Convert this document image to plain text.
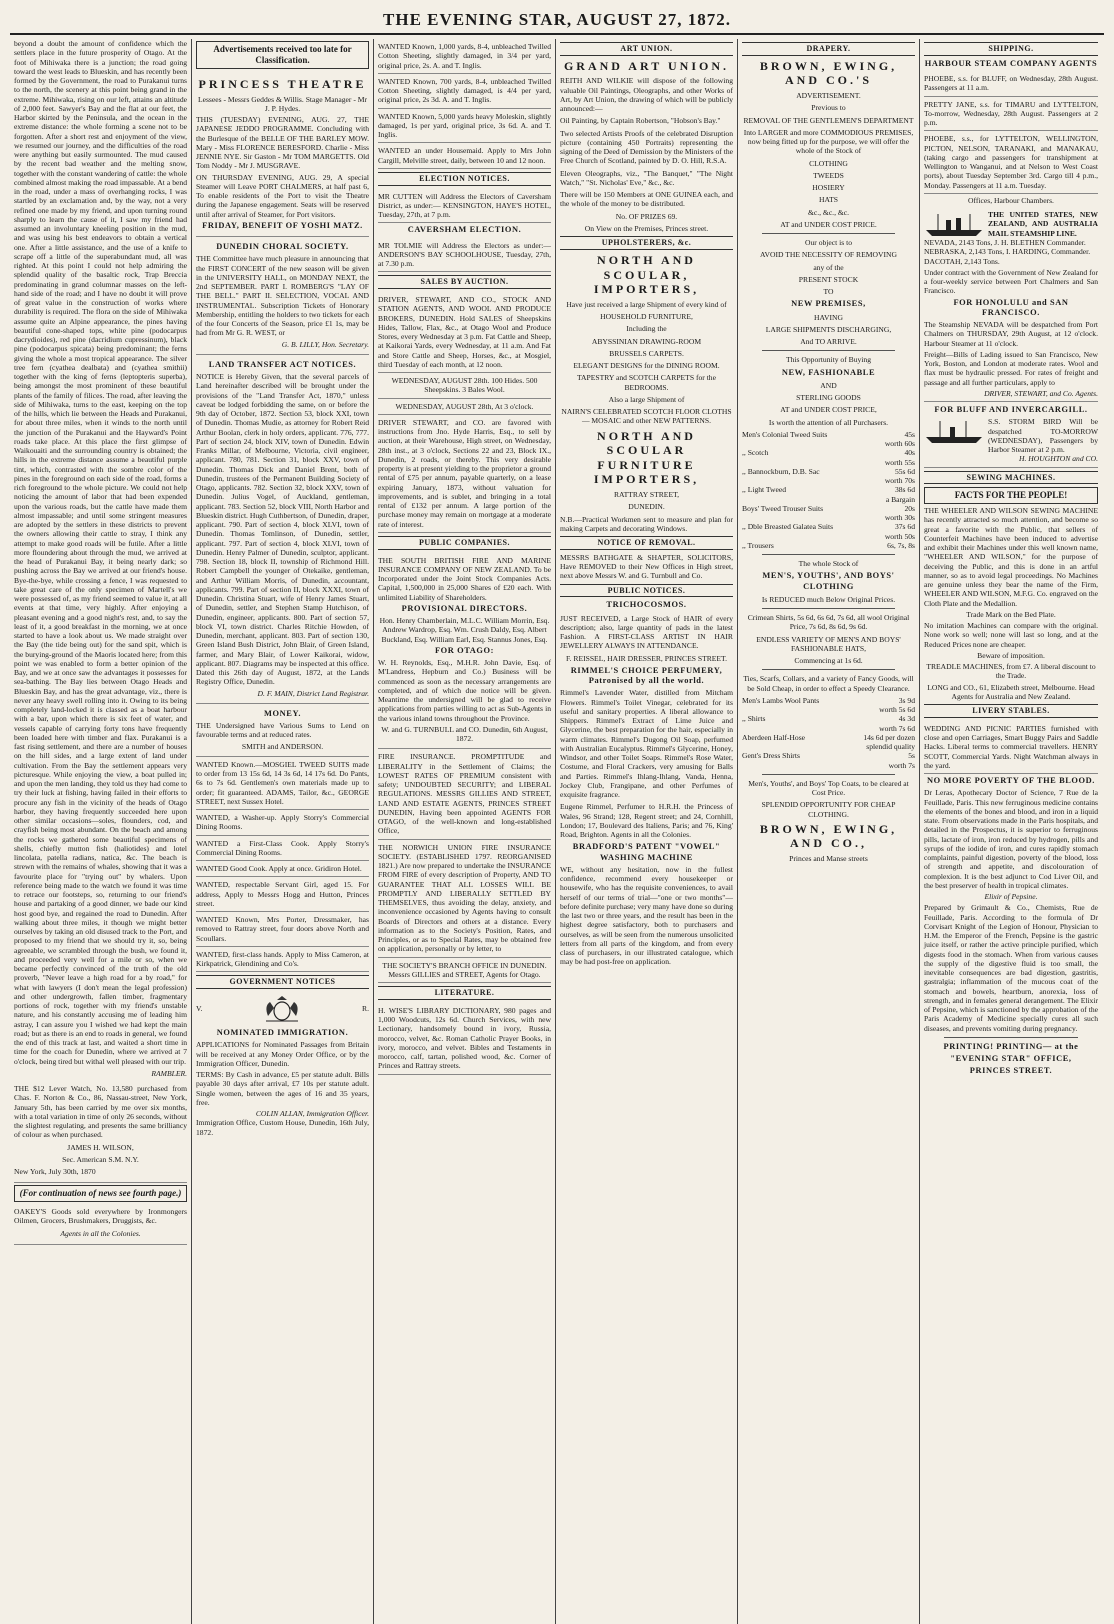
THE EVENING STAR, AUGUST 27, 1872.

beyond a doubt the amount of confidence which the settlers place in the future prosperity of Otago. At the foot of Mihiwaka there is a junction; the road going toward the west leads to Blueskin, and has recently been formed by the Government, the road to Purakanui turns to the north, the scenery at this point being grand in the extreme. Mihiwaka, rising on our left, attains an altitude of 2,000 feet. Sawyer's Bay and the flat at our feet, the Harbor skirted by the Peninsula, and the ocean in the extreme distance: the whole forming a scene not to be forgotten. After a short rest and enjoyment of the view, we resumed our journey, and the difficulties of the road were anything but easily surmounted. The mud caused by the recent bad weather and the melting snow, together with the constant wandering of cattle: the whole combined almost making the road impassable. At a bend in the road, under a mass of overhanging rocks, I was startled by an exclamation and, by the way, not a very refined one made by my friend, and upon turning round sharply to learn the cause of it, I saw my friend had assumed an involuntary kneeling position in the mud, and was using his best endeavors to obtain a vertical one. After a little assistance, and the use of a knife to scrape off a little of the superabundant mud, all was righted. At this point I could not help admiring the splendid quality of the basaltic rock, Trap Breccia predominating in grand columnar masses on the left-hand side of the road; and I have no doubt it will prove of great value in the construction of works where durability is required. The flora on the side of Mihiwaka assume quite an Alpine appearance, the pines having beautiful cone-shaped tops, white pine (podocarpus dacrydioides), red pine (dacridium cupressinum), black pine (podocarpus spicata) being predominant; the ferns giving the whole a most tropical appearance. The silver tree fern (cyathea dealbata) and (cyathea smithii) together with the king of ferns (leptopteris superba), being amongst the most prominent of these beautiful plants of the family of filices. The road, after leaving the side of Mihiwaka, turns to the east, keeping on the top of the hills, which lie between the Heads and Purakanui, for about three miles, when it winds to the north until the junction of the Purakanui and the Hayward's Point roads take place. At this place the first glimpse of Waikouaiti and the surrounding country is obtained; the hills in the extreme distance assume a beautiful purple tint, which, contrasted with the sombre color of the pines in the foreground on each side of the road, forms a rich foreground to the whole picture. We could not help noticing the amount of labor that had been expended upon the various roads, but the cattle have made them almost impassable; and until some stringent measures are adopted by the settlers in these districts to prevent the owners allowing their cattle to stray, I think any attempt to make good roads will be futile. After a little more floundering about through the mud, we arrived at the head of Purakanui Bay, it being nearly dark; so pushing across the Bay we arrived at our friend's house. Bye-the-bye, while crossing a fence, I was requested to take great care of the only specimen of Martell's we were possessed of, as my friend seemed to value it, at all events at that time, very highly. After enjoying a pleasant evening and a good night's rest, and, to say the least of it, a good breakfast in the morning, we at once started to have a look about us. We made straight over the Bay (the tide being out) for the sand spit, which is the burying-ground of the Maoris located here; from this point we was enabled to form a better opinion of the Bay, and we at once saw the advantages it possesses for sea-bathing. The Bay lies between Otago Heads and Blueskin Bay, and has the great advantage, viz., there is never any heavy swell rolling into it. Owing to its being completely land-locked it is classed as a boat harbour with a bar, upon which there is six feet of water, and vessels capable of carrying forty tons have frequently been loaded here with timber and flax. Purakanui is a fast rising settlement, and there are a number of houses on the hill sides, and a large extent of land under cultivation. From the Bay the settlement appears very picturesque. While enjoying the view, a boat pulled in; and upon the men landing, they told us they had come to try their luck at fishing, having failed in their efforts to procure any fish in the vicinity of the heads of Otago harbor, they having frequently succeeded here upon other similar occasions—soles, flounders, cod, and crayfish being most abundant. On the beach and among the rocks we gathered some beautiful specimens of shells, chiefly mutton fish (haliotides) and lotel lincolata, patella radians, natica, &c. The beach is strewn with the remains of whales, showing that it was a favourite place for "trying out" by whalers. Upon reference being made to the watch we found it was time to retrace our footsteps, so, returning to our friend's house and partaking of a good dinner, we bade our kind host good bye, and regained the road to Dunedin. After walking about three miles, it though we might better ourselves by taking an old disused track to the Port, and proposed to my friend that we should try it, so, being agreeable, we scrambled through the bush, we found it, and proceeded very well for a mile or so, when we became perfectly convinced of the truth of the old proverb, "Never leave a high road for a by road," for what with lawyers (I don't mean the legal profession) and other undergrowth, fallen timber, fragmentary portions of rock, together with my friend's unstable nature, and his constantly accusing me of leading him astray, I can assure you I wished we had kept the main road; but as there is an end to roads in general, we found the end of this track at last, and waited a short time in time for the coach for Dunedin, where we arrived at 7 o'clock, being tired but withal well pleased with our trip.

RAMBLER.

THE $12 Lever Watch, No. 13,580 purchased from Chas. F. Norton & Co., 86, Nassau-street, New York, January 5th, has been carried by me over six months, with a total variation in time of only 26 seconds, without the slightest regulating, and presents the same brilliancy of colour as when purchased.

JAMES H. WILSON,

Sec. American S.M. N.Y.

New York, July 30th, 1870

(For continuation of news see fourth page.)

OAKEY'S Goods sold everywhere by Ironmongers Oilmen, Grocers, Brushmakers, Druggists, &c.

Agents in all the Colonies.

Advertisements received too late for Classification.
PRINCESS THEATRE

Lessees - Messrs Geddes & Willis. Stage Manager - Mr J. P. Hydes.

THIS (TUESDAY) EVENING, AUG. 27, THE JAPANESE JEDDO PROGRAMME. Concluding with the Burlesque of the BELLE OF THE BARLEY MOW. Mary - Miss FLORENCE BERESFORD. Charlie - Miss JENNIE NYE. Sir Gaston - Mr TOM MARGETTS. Old Tom Noddy - Mr J. MUSGRAVE.

ON THURSDAY EVENING, AUG. 29, A special Steamer will Leave PORT CHALMERS, at half past 6, To enable residents of the Port to visit the Theatre during the Japanese engagement. Seats will be reserved until after arrival of Steamer, for Port visitors.

FRIDAY, BENEFIT OF YOSHI MATZ.

DUNEDIN CHORAL SOCIETY.

THE Committee have much pleasure in announcing that the FIRST CONCERT of the new season will be given in the UNIVERSITY HALL, on MONDAY NEXT, the 2nd SEPTEMBER. PART I. ROMBERG'S "LAY OF THE BELL." PART II. SELECTION, VOCAL AND INSTRUMENTAL. Subscription Tickets of Honorary Membership, entitling the holders to two tickets for each of the four Concerts of the Season, price £1 1s, may be had from Mr G. R. WEST, or

G. B. LILLY, Hon. Secretary.

LAND TRANSFER ACT NOTICES.

NOTICE is Hereby Given, that the several parcels of Land hereinafter described will be brought under the provisions of the "Land Transfer Act, 1870," unless caveat be lodged forbidding the same, on or before the 9th day of October, 1872. Section 53, block XXI, town of Dunedin. Thomas Mudie, as attorney for Robert Reid Arthur Boolan, clerk in holy orders, applicant. 776, 777. Part of section 24, block XIV, town of Dunedin. Edwin Franks Millar, of Melbourne, Victoria, civil engineer, applicant. 780, 781. Section 31, block XXV, town of Dunedin. Thomas Dick and Daniel Brent, both of Dunedin, trustees of the Permanent Building Society of Otago, applicants. 782. Section 32, block XXV, town of Dunedin. Julius Vogel, of Auckland, gentleman, applicant. 783. Section 52, block VIII, North Harbor and Blueskin district. Hugh Cuthbertson, of Dunedin, draper, applicant. 790. Part of section 4, block XLVI, town of Dunedin. Thomas Tomlinson, of Dunedin, settler, applicant. 797. Part of section 4, block XLVI, town of Dunedin. Henry Palmer of Dunedin, sculptor, applicant. 798. Section 18, block II, township of Richmond Hill. Robert Campbell the younger of Otekaike, gentleman, and Arthur William Morris, of Dunedin, accountant, applicants. 799. Part of section II, block XXXI, town of Dunedin. Christina Stuart, wife of Henry James Stuart, of Dunedin, settler, and Stephen Stamp Hutchison, of Dunedin, engineer, applicants. 800. Part of section 57, block VI, town district. Charles Ritchie Howden, of Dunedin, merchant, applicant. 803. Part of section 130, Green Island Bush District, John Blair, of Green Island, farmer, and Mary Blair, of Lower Kaikorai, widow, applicant. 807. Diagrams may be inspected at this office. Dated this 26th day of August, 1872, at the Lands Registry Office, Dunedin.

D. F. MAIN, District Land Registrar.

MONEY.

THE Undersigned have Various Sums to Lend on favourable terms and at reduced rates.

SMITH and ANDERSON.

WANTED Known.—MOSGIEL TWEED SUITS made to order from 13 15s 6d, 14 3s 6d, 14 17s 6d. Do Pants, 6s to 7s 6d. Gentlemen's own materials made up to order; fit guaranteed. ADAMS, Tailor, &c., GEORGE STREET, next Sussex Hotel.
WANTED, a Washer-up. Apply Storry's Commercial Dining Rooms.
WANTED a First-Class Cook. Apply Storry's Commercial Dining Rooms.
WANTED Good Cook. Apply at once. Gridiron Hotel.
WANTED, respectable Servant Girl, aged 15. For address, Apply to Messrs Hogg and Hutton, Princes street.
WANTED Known, Mrs Porter, Dressmaker, has removed to Rattray street, four doors above North and Scoullars.
WANTED, first-class hands. Apply to Miss Cameron, at Kirkpatrick, Glendining and Co's.
GOVERNMENT NOTICES
V.	R.
NOMINATED IMMIGRATION.

APPLICATIONS for Nominated Passages from Britain will be received at any Money Order Office, or by the Immigration Officer, Dunedin.

TERMS: By Cash in advance, £5 per statute adult. Bills payable 30 days after arrival, £7 10s per statute adult. Single women, between the ages of 16 and 35 years, free.

COLIN ALLAN, Immigration Officer.

Immigration Office, Custom House, Dunedin, 16th July, 1872.

WANTED Known, 1,000 yards, 8-4, unbleached Twilled Cotton Sheeting, slightly damaged, in 3/4 per yard, original price, 2s. A. and T. Inglis.
WANTED Known, 700 yards, 8-4, unbleached Twilled Cotton Sheeting, slightly damaged, is 4/4 per yard, original price, 2s 3d. A. and T. Inglis.
WANTED Known, 5,000 yards heavy Moleskin, slightly damaged, 1s per yard, original price, 3s 6d. A. and T. Inglis.
WANTED an under Housemaid. Apply to Mrs John Cargill, Melville street, daily, between 10 and 12 noon.
ELECTION NOTICES.
MR CUTTEN will Address the Electors of Caversham District, as under:— KENSINGTON, HAYE'S HOTEL, Tuesday, 27th, at 7 p.m.
CAVERSHAM ELECTION.
MR TOLMIE will Address the Electors as under:— ANDERSON'S BAY SCHOOLHOUSE, Tuesday, 27th, at 7.30 p.m.
SALES BY AUCTION.
DRIVER, STEWART, AND CO., STOCK AND STATION AGENTS, AND WOOL AND PRODUCE BROKERS, DUNEDIN. Hold SALES of Sheepskins Hides, Tallow, Flax, &c., at Otago Wool and Produce Stores, every Wednesday at 3 p.m. Fat Cattle and Sheep, at Kaikorai Yards, every Wednesday, at 11 a.m. And Fat and Store Cattle and Sheep, Horses, &c., at Mosgiel, third Tuesday of each month, at 12 noon.
WEDNESDAY, AUGUST 28th. 100 Hides. 500 Sheepskins. 3 Bales Wool.
WEDNESDAY, AUGUST 28th, At 3 o'clock.
DRIVER STEWART, and CO. are favored with instructions from Jno. Hyde Harris, Esq., to sell by auction, at their Warehouse, High street, on Wednesday, 28th inst., at 3 o'clock, Sections 22 and 23, Block IX., Dunedin, 2 roads, or thereby. This very desirable property is at present yielding to the proprietor a ground rental of £75 per annum, payable quarterly, on a lease expiring January, 1873, without valuation for improvements, and is sublet, and bringing in a total rental of £132 per annum. A large portion of the purchase money may remain on mortgage at a moderate rate of interest.
PUBLIC COMPANIES.

THE SOUTH BRITISH FIRE AND MARINE INSURANCE COMPANY OF NEW ZEALAND. To be Incorporated under the Joint Stock Companies Acts. Capital, 1,500,000 in 25,000 Shares of £20 each. With unlimited Liability of Shareholders.

PROVISIONAL DIRECTORS.

Hon. Henry Chamberlain, M.L.C. William Morrin, Esq. Andrew Wardrop, Esq. Wm. Crush Daldy, Esq. Albert Buckland, Esq. William Earl, Esq. Stannus Jones, Esq.

FOR OTAGO:

W. H. Reynolds, Esq., M.H.R. John Davie, Esq. of M'Landress, Hepburn and Co.) Business will be commenced as soon as the necessary arrangements are completed, and of which due notice will be given. Meantime the undersigned will be glad to receive applications from parties willing to act as Sub-Agents in the various inland towns throughout the Province.

W. and G. TURNBULL and CO. Dunedin, 6th August, 1872.

FIRE INSURANCE. PROMPTITUDE and LIBERALITY in the Settlement of Claims; the LOWEST RATES OF PREMIUM consistent with safety; UNDOUBTED SECURITY; and LIBERAL REGULATIONS. MESSRS GILLIES AND STREET, LAND AND ESTATE AGENTS, PRINCES STREET DUNEDIN, Having been appointed AGENTS FOR OTAGO, of the well-known and long-established Office,
THE NORWICH UNION FIRE INSURANCE SOCIETY. (ESTABLISHED 1797. REORGANISED 1821.) Are now prepared to undertake the INSURANCE FROM FIRE of every description of Property, AND TO GUARANTEE THAT ALL LOSSES WILL BE PROMPTLY AND LIBERALLY SETTLED BY THEMSELVES, thus avoiding the delay, anxiety, and inconvenience occasioned by Agents having to consult Boards of Directors and others at a distance. Every information as to the Society's Position, Rates, and Principles, or as to Special Rates, may be obtained free on application, personally or by letter, to
THE SOCIETY'S BRANCH OFFICE IN DUNEDIN. Messrs GILLIES and STREET, Agents for Otago.
LITERATURE.
H. WISE'S LIBRARY DICTIONARY, 980 pages and 1,000 Woodcuts, 12s 6d. Church Services, with new Lectionary, handsomely bound in ivory, Russia, morocco, velvet, &c. Roman Catholic Prayer Books, in ivory, morocco, and velvet. Bibles and Testaments in morocco, calf, tartan, polished wood, &c. Corner of Princes and Rattray streets.
ART UNION.
GRAND ART UNION.

REITH AND WILKIE will dispose of the following valuable Oil Paintings, Oleographs, and other Works of Art, by Art Union, the drawing of which will be publicly announced:—

Oil Painting, by Captain Robertson, "Hobson's Bay."

Two selected Artists Proofs of the celebrated Disruption picture (containing 450 Portraits) representing the signing of the Deed of Demission by the Ministers of the Free Church of Scotland, painted by D. O. Hill, R.S.A.

Eleven Oleographs, viz., "The Banquet," "The Night Watch," "St. Nicholas' Eve," &c., &c.

There will be 150 Members at ONE GUINEA each, and the whole of the money to be distributed.

No. OF PRIZES 69.

On View on the Premises, Princes street.

UPHOLSTERERS, &c.
NORTH AND SCOULAR, IMPORTERS,

Have just received a large Shipment of every kind of

HOUSEHOLD FURNITURE,

Including the

ABYSSINIAN DRAWING-ROOM

BRUSSELS CARPETS.

ELEGANT DESIGNS for the DINING ROOM.

TAPESTRY and SCOTCH CARPETS for the BEDROOMS.

Also a large Shipment of

NAIRN'S CELEBRATED SCOTCH FLOOR CLOTHS— MOSAIC and other NEW PATTERNS.

NORTH AND SCOULAR FURNITURE IMPORTERS,

RATTRAY STREET,

DUNEDIN.

N.B.—Practical Workmen sent to measure and plan for making Carpets and decorating Windows.

NOTICE OF REMOVAL.

MESSRS BATHGATE & SHAPTER, SOLICITORS, Have REMOVED to their New Offices in High street, next above Messrs W. and G. Turnbull and Co.

PUBLIC NOTICES.

TRICHOCOSMOS.

JUST RECEIVED, a Large Stock of HAIR of every description; also, large quantity of pads in the latest Fashion. A FIRST-CLASS ARTIST IN HAIR JEWELLERY ALWAYS IN ATTENDANCE.

F. REISSEL, HAIR DRESSER, PRINCES STREET.

RIMMEL'S CHOICE PERFUMERY, Patronised by all the world.

Rimmel's Lavender Water, distilled from Mitcham Flowers. Rimmel's Toilet Vinegar, celebrated for its useful and sanitary properties. A liberal allowance to Shippers. Rimmel's Extract of Lime Juice and Glycerine, the best preparation for the hair, especially in warm climates. Rimmel's Dugong Oil Soap, perfumed with Australian Eucalyptus. Rimmel's Glycerine, Honey, Windsor, and other Toilet Soaps. Rimmel's Rose Water, Costume, and Floral Crackers, very amusing for Balls and Parties. Rimmel's Ihlang-Ihlang, Vanda, Henna, Jockey Club, Frangipane, and other Perfumes of exquisite fragrance.

Eugene Rimmel, Perfumer to H.R.H. the Princess of Wales, 96 Strand; 128, Regent street; and 24, Cornhill, London; 17, Boulevard des Italiens, Paris; and 76, King' Road, Brighton. Agents in all the Colonies.

BRADFORD'S PATENT "VOWEL" WASHING MACHINE

WE, without any hesitation, now in the fullest confidence, recommend every housekeeper or housewife, who has the requisite conveniences, to avail herself of our terms of trial—"one or two months"—before definite purchase; very many have done so during the last two or three years, and the result has been in the highest degree satisfactory, both to purchasers and ourselves, as will be seen from the numerous unsolicited letters from all parts of the kingdom, and from every class of purchasers, in our illustrated catalogue, which may be had post-free on application.

DRAPERY.
BROWN, EWING, AND CO.'S

ADVERTISEMENT.

Previous to

REMOVAL OF THE GENTLEMEN'S DEPARTMENT

Into LARGER and more COMMODIOUS PREMISES, now being fitted up for the purpose, we will offer the whole of the Stock of

CLOTHING

TWEEDS

HOSIERY

HATS

&c., &c., &c.

AT and UNDER COST PRICE.

Our object is to

AVOID THE NECESSITY OF REMOVING

any of the

PRESENT STOCK

TO

NEW PREMISES,

HAVING

LARGE SHIPMENTS DISCHARGING,

And TO ARRIVE.

This Opportunity of Buying

NEW, FASHIONABLE

AND

STERLING GOODS

AT and UNDER COST PRICE,

Is worth the attention of all Purchasers.

Men's Colonial Tweed Suits	45s
worth 60s
,, Scotch	40s
worth 55s
,, Bannockburn, D.B. Sac	55s 6d
worth 70s
,, Light Tweed	38s 6d
a Bargain
Boys' Tweed Trouser Suits	20s
worth 30s
,, Dble Breasted Galatea Suits	37s 6d
worth 50s
,, Trousers	6s, 7s, 8s

The whole Stock of

MEN'S, YOUTHS', AND BOYS' CLOTHING

Is REDUCED much Below Original Prices.

Crimean Shirts, 5s 6d, 6s 6d, 7s 6d, all wool Original Price, 7s 6d, 8s 6d, 9s 6d.

ENDLESS VARIETY OF MEN'S AND BOYS' FASHIONABLE HATS,

Commencing at 1s 6d.

Ties, Scarfs, Collars, and a variety of Fancy Goods, will be Sold Cheap, in order to effect a Speedy Clearance.

Men's Lambs Wool Pants	3s 9d
worth 5s 6d
,, Shirts	4s 3d
worth 7s 6d
Aberdeen Half-Hose	14s 6d per dozen
splendid quality
Gent's Dress Shirts	5s
worth 7s

Men's, Youths', and Boys' Top Coats, to be cleared at Cost Price.

SPLENDID OPPORTUNITY FOR CHEAP CLOTHING.

BROWN, EWING, AND CO.,

Princes and Manse streets

SHIPPING.
HARBOUR STEAM COMPANY AGENTS
PHOEBE, s.s. for BLUFF, on Wednesday, 28th August. Passengers at 11 a.m.
PRETTY JANE, s.s. for TIMARU and LYTTELTON, To-morrow, Wednesday, 28th August. Passengers at 2 p.m.
PHOEBE, s.s., for LYTTELTON, WELLINGTON, PICTON, NELSON, TARANAKI, and MANAKAU, (taking cargo and passengers for transhipment at Wellington to Wanganui, and at Nelson to West Coast ports), about Tuesday September 3rd. Cargo till 4 p.m., Monday. Passengers at 11 a.m. Tuesday.

Offices, Harbour Chambers.

THE UNITED STATES, NEW ZEALAND, AND AUSTRALIA MAIL STEAMSHIP LINE.

NEVADA, 2143 Tons, J. H. BLETHEN Commander.

NEBRASKA, 2,143 Tons, I. HARDING, Commander.

DACOTAH, 2,143 Tons.

Under contract with the Government of New Zealand for a four-weekly service between Port Chalmers and San Francisco.

FOR HONOLULU and SAN FRANCISCO.

The Steamship NEVADA will be despatched from Port Chalmers on THURSDAY, 29th August, at 12 o'clock. Harbour Steamer at 11 o'clock.

Freight—Bills of Lading issued to San Francisco, New York, Boston, and London at moderate rates. Wool and flax must be hydraulic pressed. For rates of freight and passage and all further particulars, apply to

DRIVER, STEWART, and Co. Agents.

FOR BLUFF AND INVERCARGILL.

S.S. STORM BIRD Will be despatched TO-MORROW (WEDNESDAY), Passengers by Harbor Steamer at 2 p.m.

H. HOUGHTON and CO.

SEWING MACHINES.
FACTS FOR THE PEOPLE!

THE WHEELER AND WILSON SEWING MACHINE has recently attracted so much attention, and become so great a favorite with the Public, that sellers of Counterfeit Machines have been induced to advertise and exhibit their Machines under this well known name, "WHEELER AND WILSON," for the purpose of deceiving the Public, and this is done in an artful manner, so as to avoid legal proceedings. No Machines are genuine unless they bear the name of the Firm, WHEELER AND WILSON, M.F.G. Co. engraved on the Cloth Plate and the Medallion.

Trade Mark on the Bed Plate.

No imitation Machines can compare with the original. None work so well; none will last so long, and at the Reduced Prices none are cheaper.

Beware of imposition.

TREADLE MACHINES, from £7. A liberal discount to the Trade.

LONG and CO., 61, Elizabeth street, Melbourne. Head Agents for Australia and New Zealand.

LIVERY STABLES.
WEDDING AND PICNIC PARTIES furnished with close and open Carriages, Smart Buggy Pairs and Saddle Hacks. Liberal terms to commercial travellers. HENRY SCOTT, Commercial Yards. Night Watchman always in the yard.
NO MORE POVERTY OF THE BLOOD.

Dr Leras, Apothecary Doctor of Science, 7 Rue de la Feuillade, Paris. This new ferruginous medicine contains the elements of the bones and blood, and iron in a liquid state. From observations made in the Paris hospitals, and detailed in the Prospectus, it is superior to ferruginous pills, lactate of iron, iron reduced by hydrogen, pills and syrups of the iodide of iron, and cures rapidly stomach complaints, painful digestion, poverty of the blood, loss of strength and appetite, and discolouration of complexion. It is the best adjunct to Cod Liver Oil, and the best preserver of health in tropical climates.

Elixir of Pepsine.

Prepared by Grimault & Co., Chemists, Rue de Feuillade, Paris. According to the formula of Dr Corvisart Knight of the Legion of Honour, Physician to H.M. the Emperor of the French, Pepsine is the gastric juice itself, or rather the active principle purified, which digests food in the stomach. When from various causes the supply of the digestive fluid is too small, the inevitable consequences are bad digestion, gastritis, gastralgia; inflammation of the mucous coat of the stomach and bowels, heartburn, anorexia, loss of strength, and in females general derangement. The Elixir of Pepsine, which is sanctioned by the approbation of the Paris Academy of Medicine specially cures all such diseases, and prevents vomiting during pregnancy.

PRINTING! PRINTING— at the
"EVENING STAR" OFFICE,
PRINCES STREET.
